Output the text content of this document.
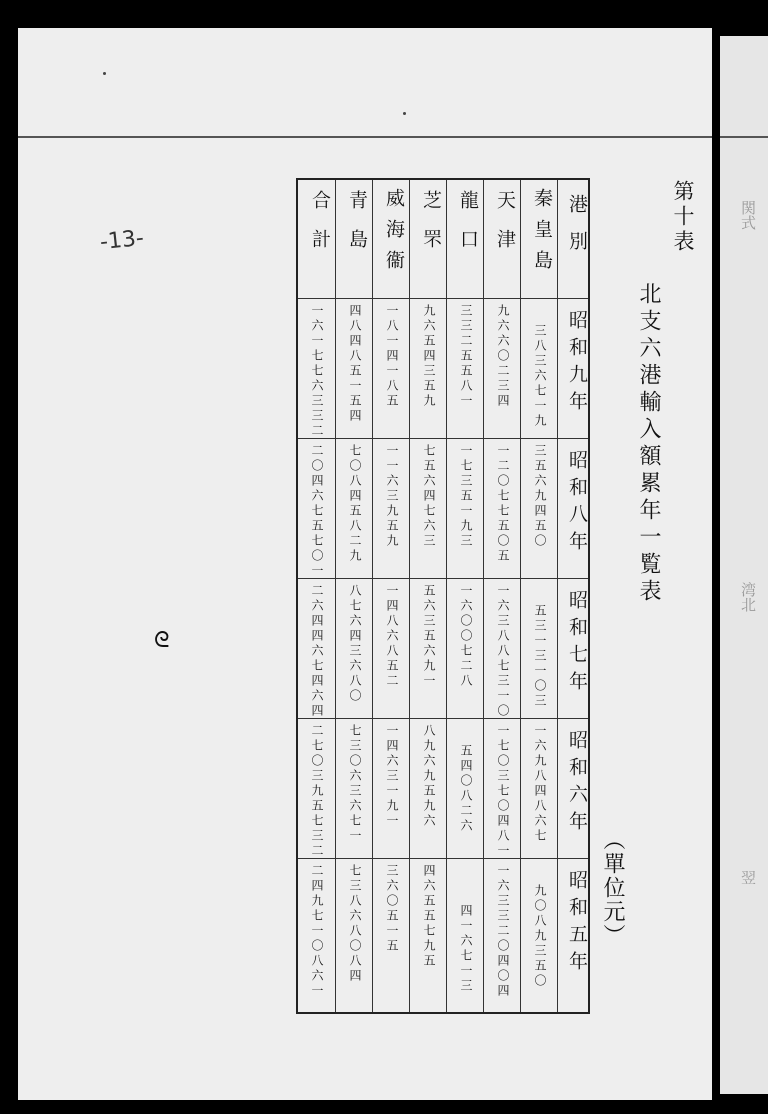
第十表
北支六港輸入額累年一覧表
（單位元）
-13-
ᘓ
関式
湾北
翌
合計
一六一七七六三三二
二〇四六七五七〇一
二六四四六七四六四
二七〇三九五七三二
二四九七一〇八六一
青島
四八四八五一五四
七〇八四五八二九
八七六四三六八〇
七三〇六三六七一
七三八六八〇八四
威海衞
一八一四一八五
一一六三九五九
一四八六八五二
一四六三一九一
三六〇五一五
芝罘
九六五四三五九
七五六四七六三
五六三五六九一
八九六九五九六
四六五五七九五
龍口
三三二五五八一
一七三五一九三
一六〇〇七二八
五四〇八二六
四一六七一三
天津
九六六〇二三四
一二〇七七五〇五
一六三八八七三一〇
一七〇三七〇四八一
一六三三二〇四〇四
秦皇島
三八三六七一九
三五六九四五〇
五三一三一〇三
一六九八四八六七
九〇八九三五〇
港別
昭和九年
昭和八年
昭和七年
昭和六年
昭和五年
